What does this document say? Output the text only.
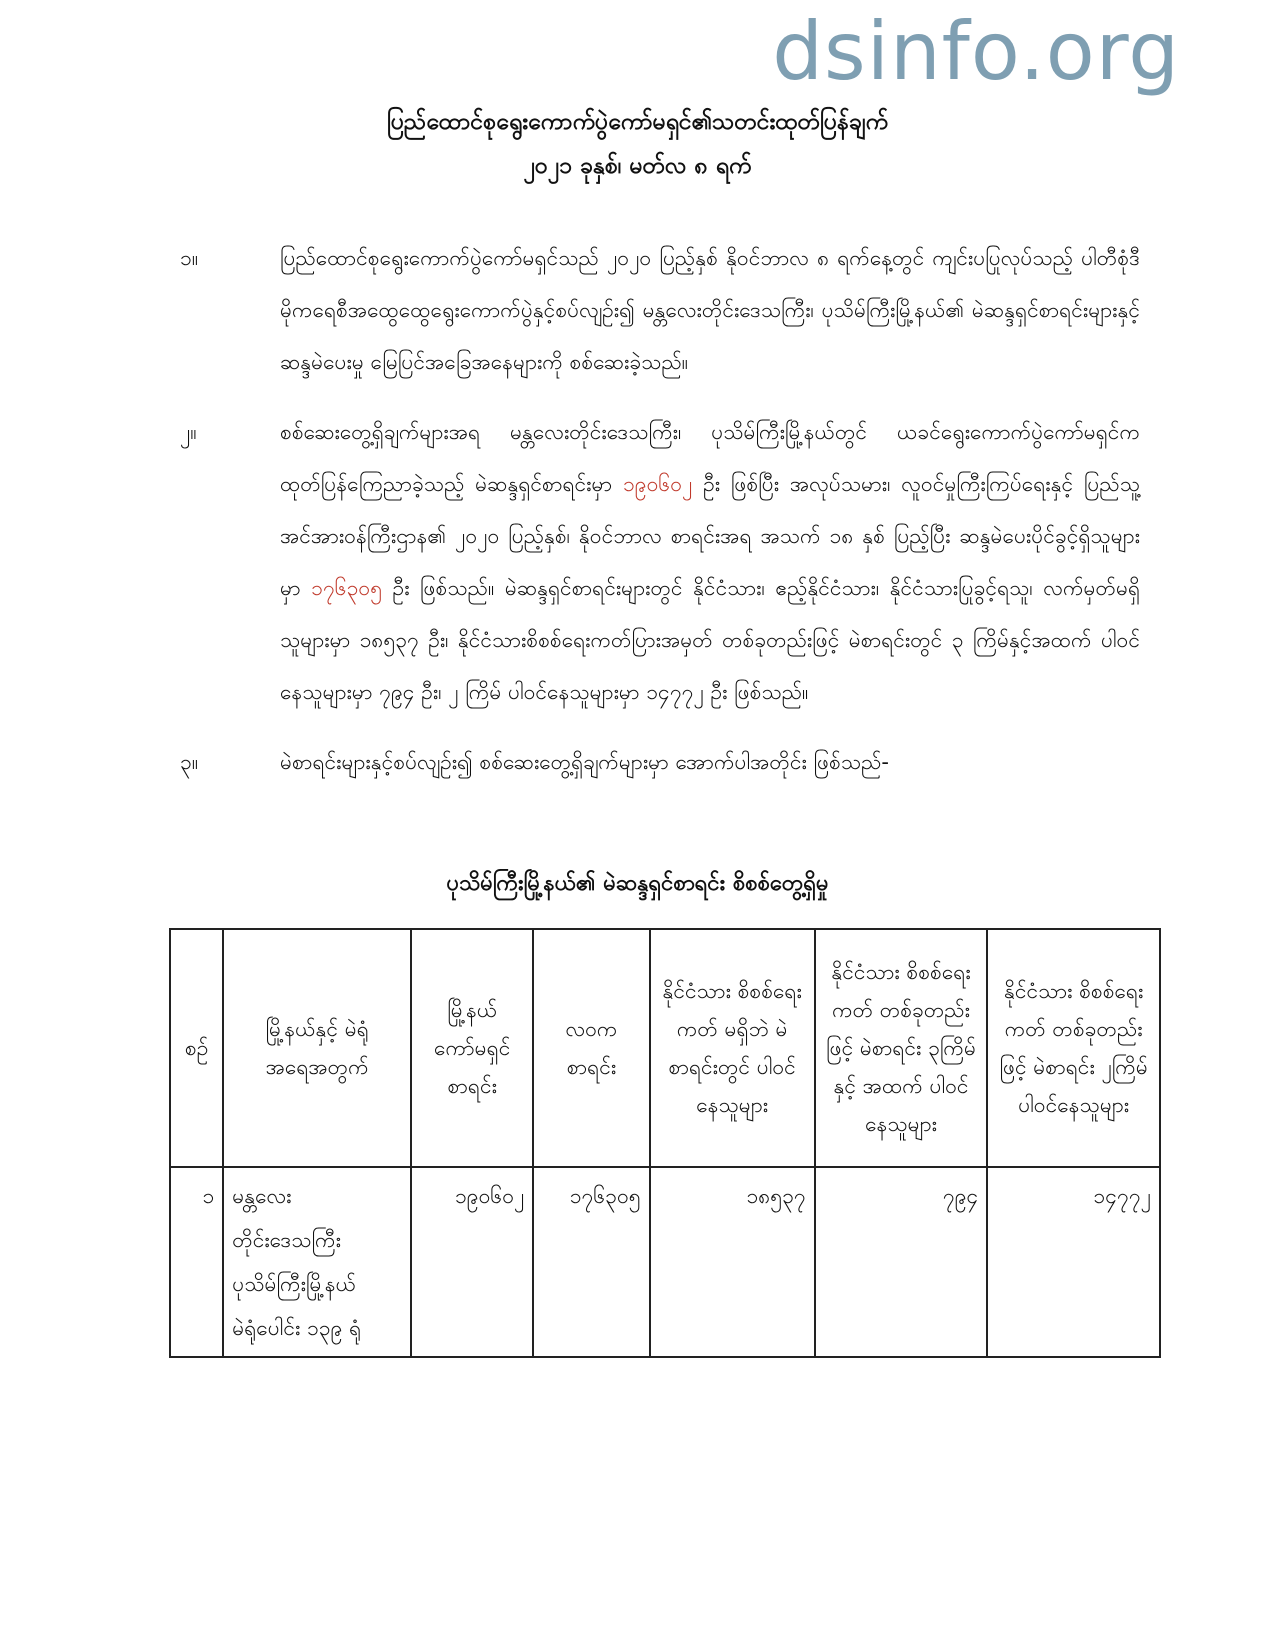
dsinfo.org
ပြည်ထောင်စုရွေးကောက်ပွဲကော်မရှင်၏သတင်းထုတ်ပြန်ချက်
၂၀၂၁ ခုနှစ်၊ မတ်လ ၈ ရက်
၁။	ပြည်ထောင်စုရွေးကောက်ပွဲကော်မရှင်သည် ၂၀၂၀ ပြည့်နှစ် နိုဝင်ဘာလ ၈ ရက်နေ့တွင် ကျင်းပပြုလုပ်သည့် ပါတီစုံဒီမိုကရေစီအထွေထွေရွေးကောက်ပွဲနှင့်စပ်လျဉ်း၍ မန္တလေးတိုင်းဒေသကြီး၊ ပုသိမ်ကြီးမြို့နယ်၏ မဲဆန္ဒရှင်စာရင်းများနှင့် ဆန္ဒမဲပေးမှု မြေပြင်အခြေအနေများကို စစ်ဆေးခဲ့သည်။
၂။	စစ်ဆေးတွေ့ရှိချက်များအရ မန္တလေးတိုင်းဒေသကြီး၊ ပုသိမ်ကြီးမြို့နယ်တွင် ယခင်ရွေးကောက်ပွဲကော်မရှင်က ထုတ်ပြန်ကြေညာခဲ့သည့် မဲဆန္ဒရှင်စာရင်းမှာ ၁၉၀၆၀၂ ဦး ဖြစ်ပြီး အလုပ်သမား၊ လူဝင်မှုကြီးကြပ်ရေးနှင့် ပြည်သူ့အင်အားဝန်ကြီးဌာန၏ ၂၀၂၀ ပြည့်နှစ်၊ နိုဝင်ဘာလ စာရင်းအရ အသက် ၁၈ နှစ် ပြည့်ပြီး ဆန္ဒမဲပေးပိုင်ခွင့်ရှိသူများမှာ ၁၇၆၃၀၅ ဦး ဖြစ်သည်။ မဲဆန္ဒရှင်စာရင်းများတွင် နိုင်ငံသား၊ ဧည့်နိုင်ငံသား၊ နိုင်ငံသားပြုခွင့်ရသူ၊ လက်မှတ်မရှိသူများမှာ ၁၈၅၃၇ ဦး၊ နိုင်ငံသားစိစစ်ရေးကတ်ပြားအမှတ် တစ်ခုတည်းဖြင့် မဲစာရင်းတွင် ၃ ကြိမ်နှင့်အထက် ပါဝင်နေသူများမှာ ၇၉၄ ဦး၊ ၂ ကြိမ် ပါဝင်နေသူများမှာ ၁၄၇၇၂ ဦး ဖြစ်သည်။
၃။	မဲစာရင်းများနှင့်စပ်လျဉ်း၍ စစ်ဆေးတွေ့ရှိချက်များမှာ အောက်ပါအတိုင်း ဖြစ်သည်-
ပုသိမ်ကြီးမြို့နယ်၏ မဲဆန္ဒရှင်စာရင်း စိစစ်တွေ့ရှိမှု
စဉ်	မြို့နယ်နှင့် မဲရုံအရေအတွက်	မြို့နယ် ကော်မရှင် စာရင်း	လဝက စာရင်း	နိုင်ငံသား စိစစ်ရေးကတ် မရှိဘဲ မဲစာရင်းတွင် ပါဝင်နေသူများ	နိုင်ငံသား စိစစ်ရေးကတ် တစ်ခုတည်းဖြင့် မဲစာရင်း ၃ကြိမ် နှင့် အထက် ပါဝင်နေသူများ	နိုင်ငံသား စိစစ်ရေးကတ် တစ်ခုတည်းဖြင့် မဲစာရင်း ၂ကြိမ် ပါဝင်နေသူများ
၁	မန္တလေး
တိုင်းဒေသကြီး
ပုသိမ်ကြီးမြို့နယ်
မဲရုံပေါင်း ၁၃၉ ရုံ	၁၉၀၆၀၂	၁၇၆၃၀၅	၁၈၅၃၇	၇၉၄	၁၄၇၇၂
